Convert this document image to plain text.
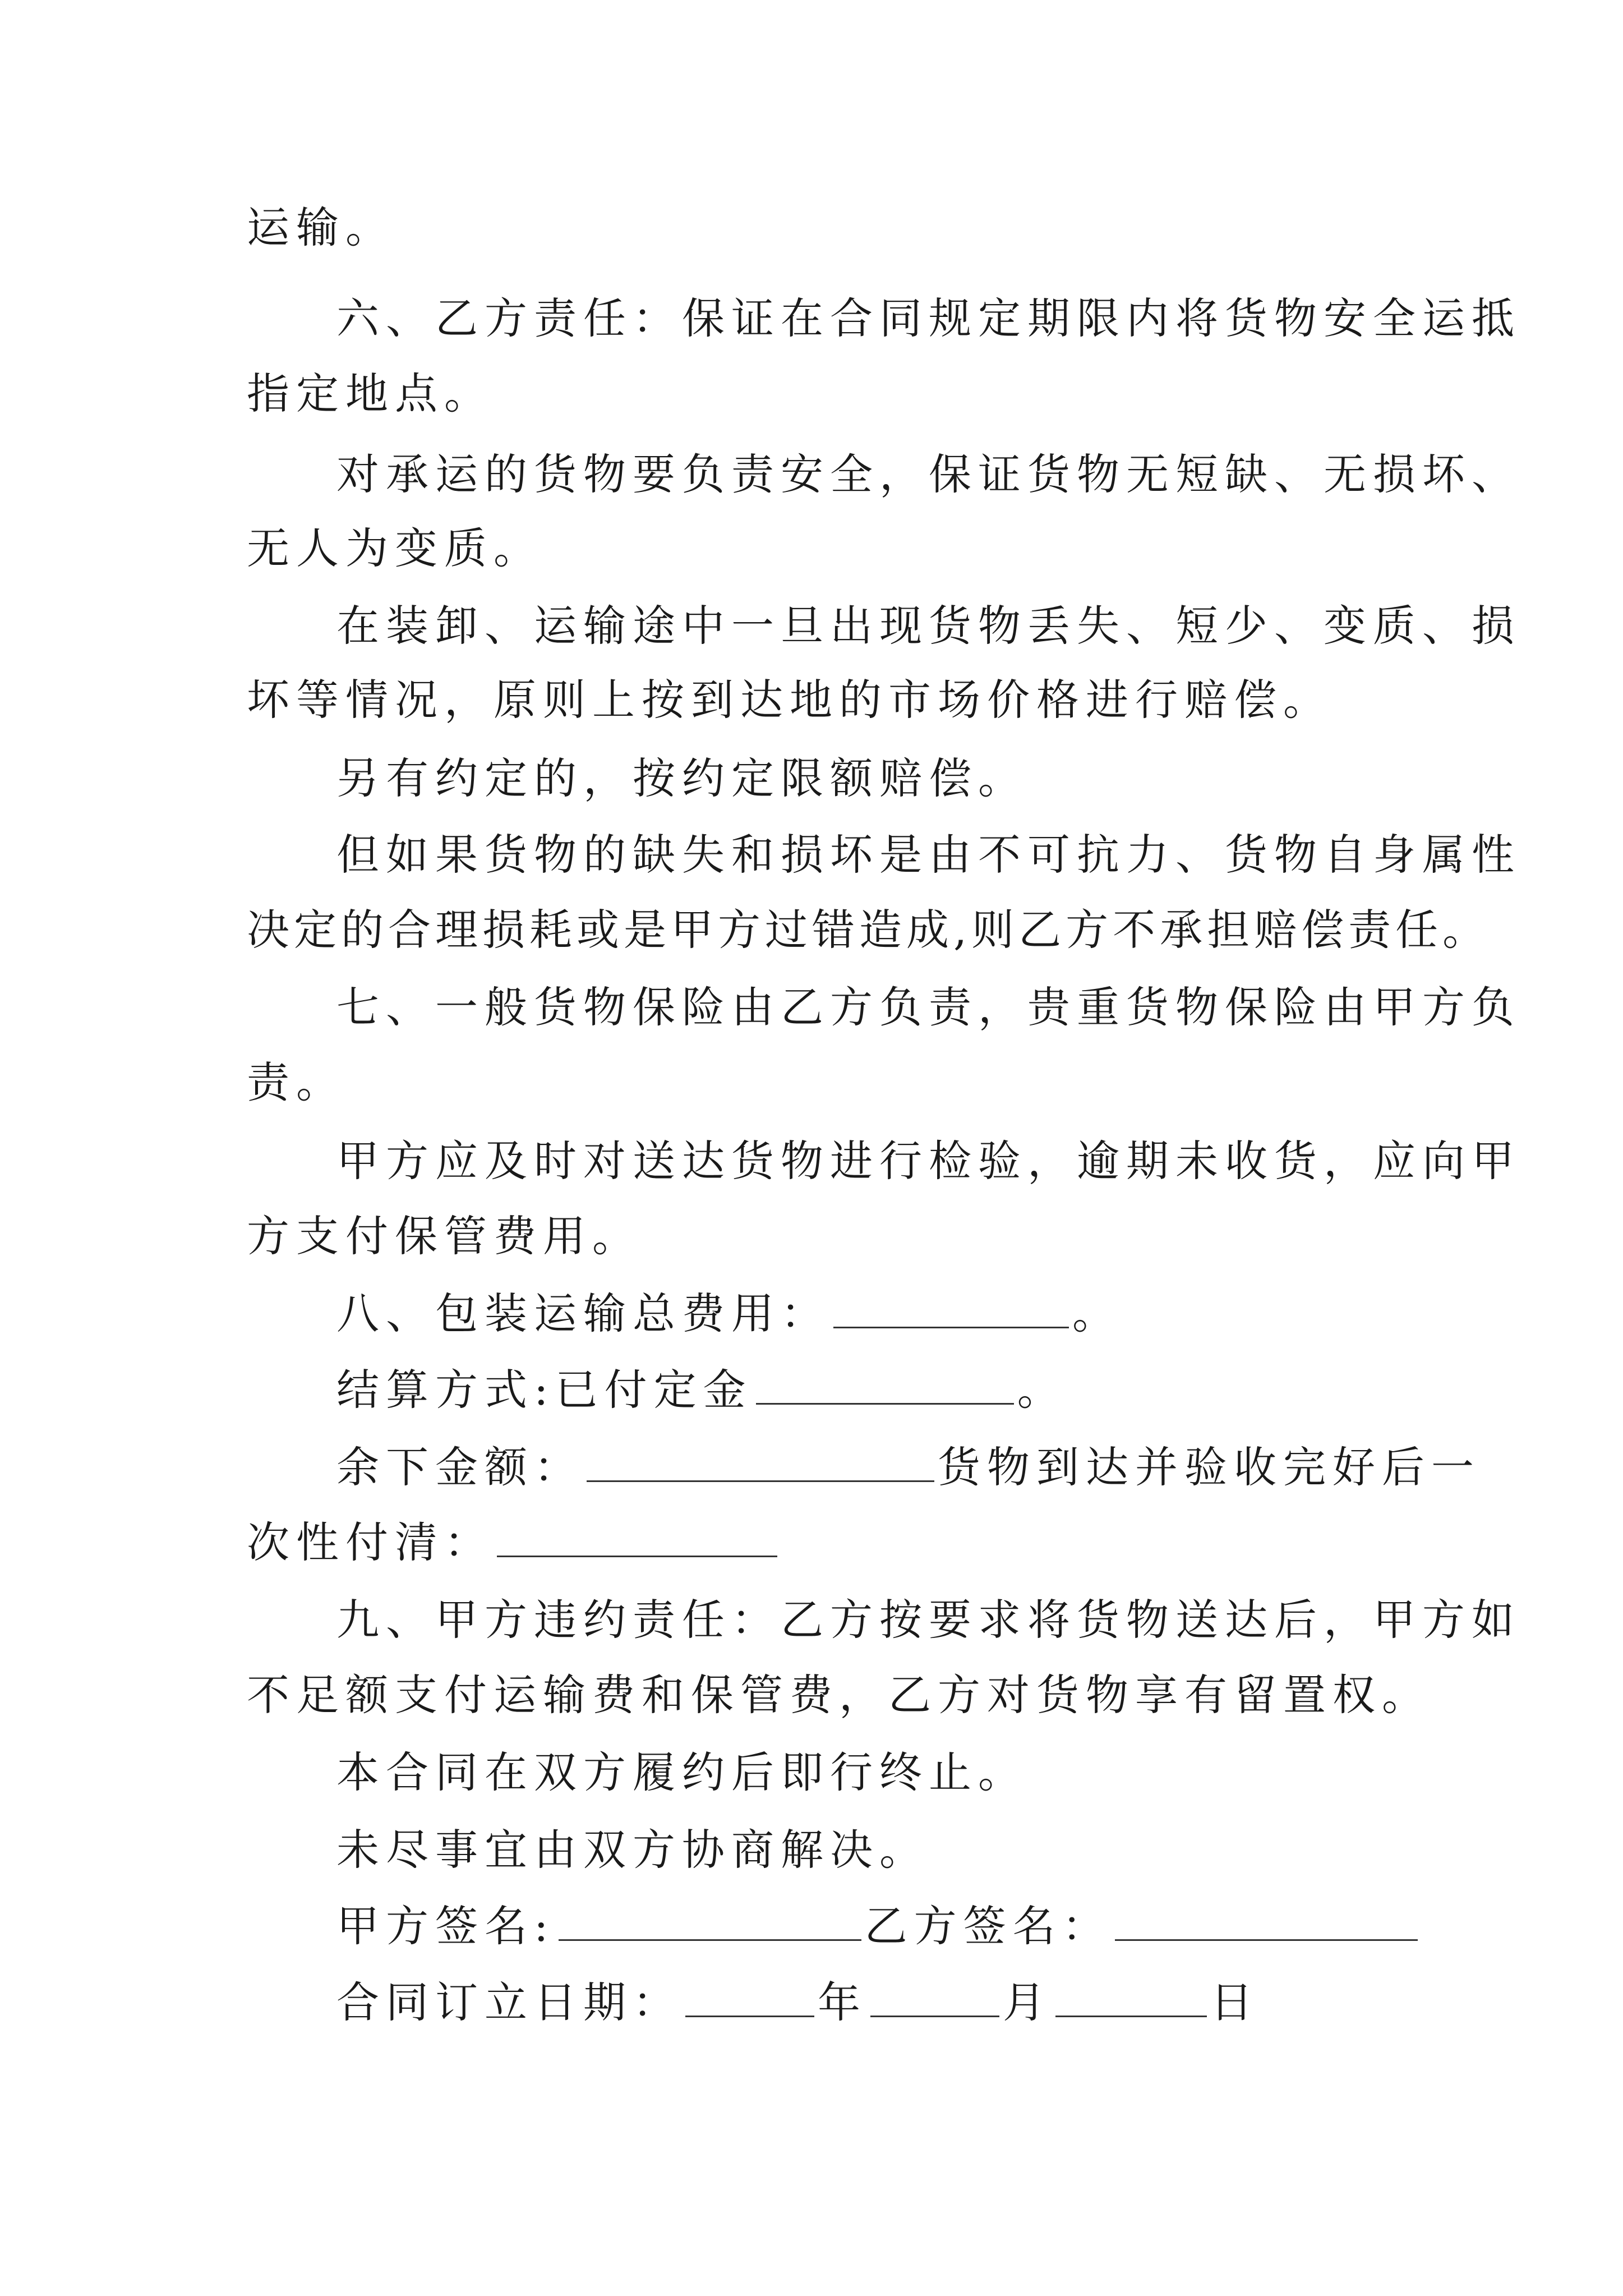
运输。
六、乙方责任：保证在合同规定期限内将货物安全运抵
指定地点。
对承运的货物要负责安全，保证货物无短缺、无损坏、
无人为变质。
在装卸、运输途中一旦出现货物丢失、短少、变质、损
坏等情况，原则上按到达地的市场价格进行赔偿。
另有约定的，按约定限额赔偿。
但如果货物的缺失和损坏是由不可抗力、货物自身属性
决定的合理损耗或是甲方过错造成,则乙方不承担赔偿责任。
七、一般货物保险由乙方负责，贵重货物保险由甲方负
责。
甲方应及时对送达货物进行检验，逾期未收货，应向甲
方支付保管费用。
八、包装运输总费用：	。
结算方式:已付定金	。
余下金额：	货物到达并验收完好后一
次性付清：
九、甲方违约责任：乙方按要求将货物送达后，甲方如
不足额支付运输费和保管费，乙方对货物享有留置权。
本合同在双方履约后即行终止。
未尽事宜由双方协商解决。
甲方签名:	乙方签名：
合同订立日期：	年	月	日
